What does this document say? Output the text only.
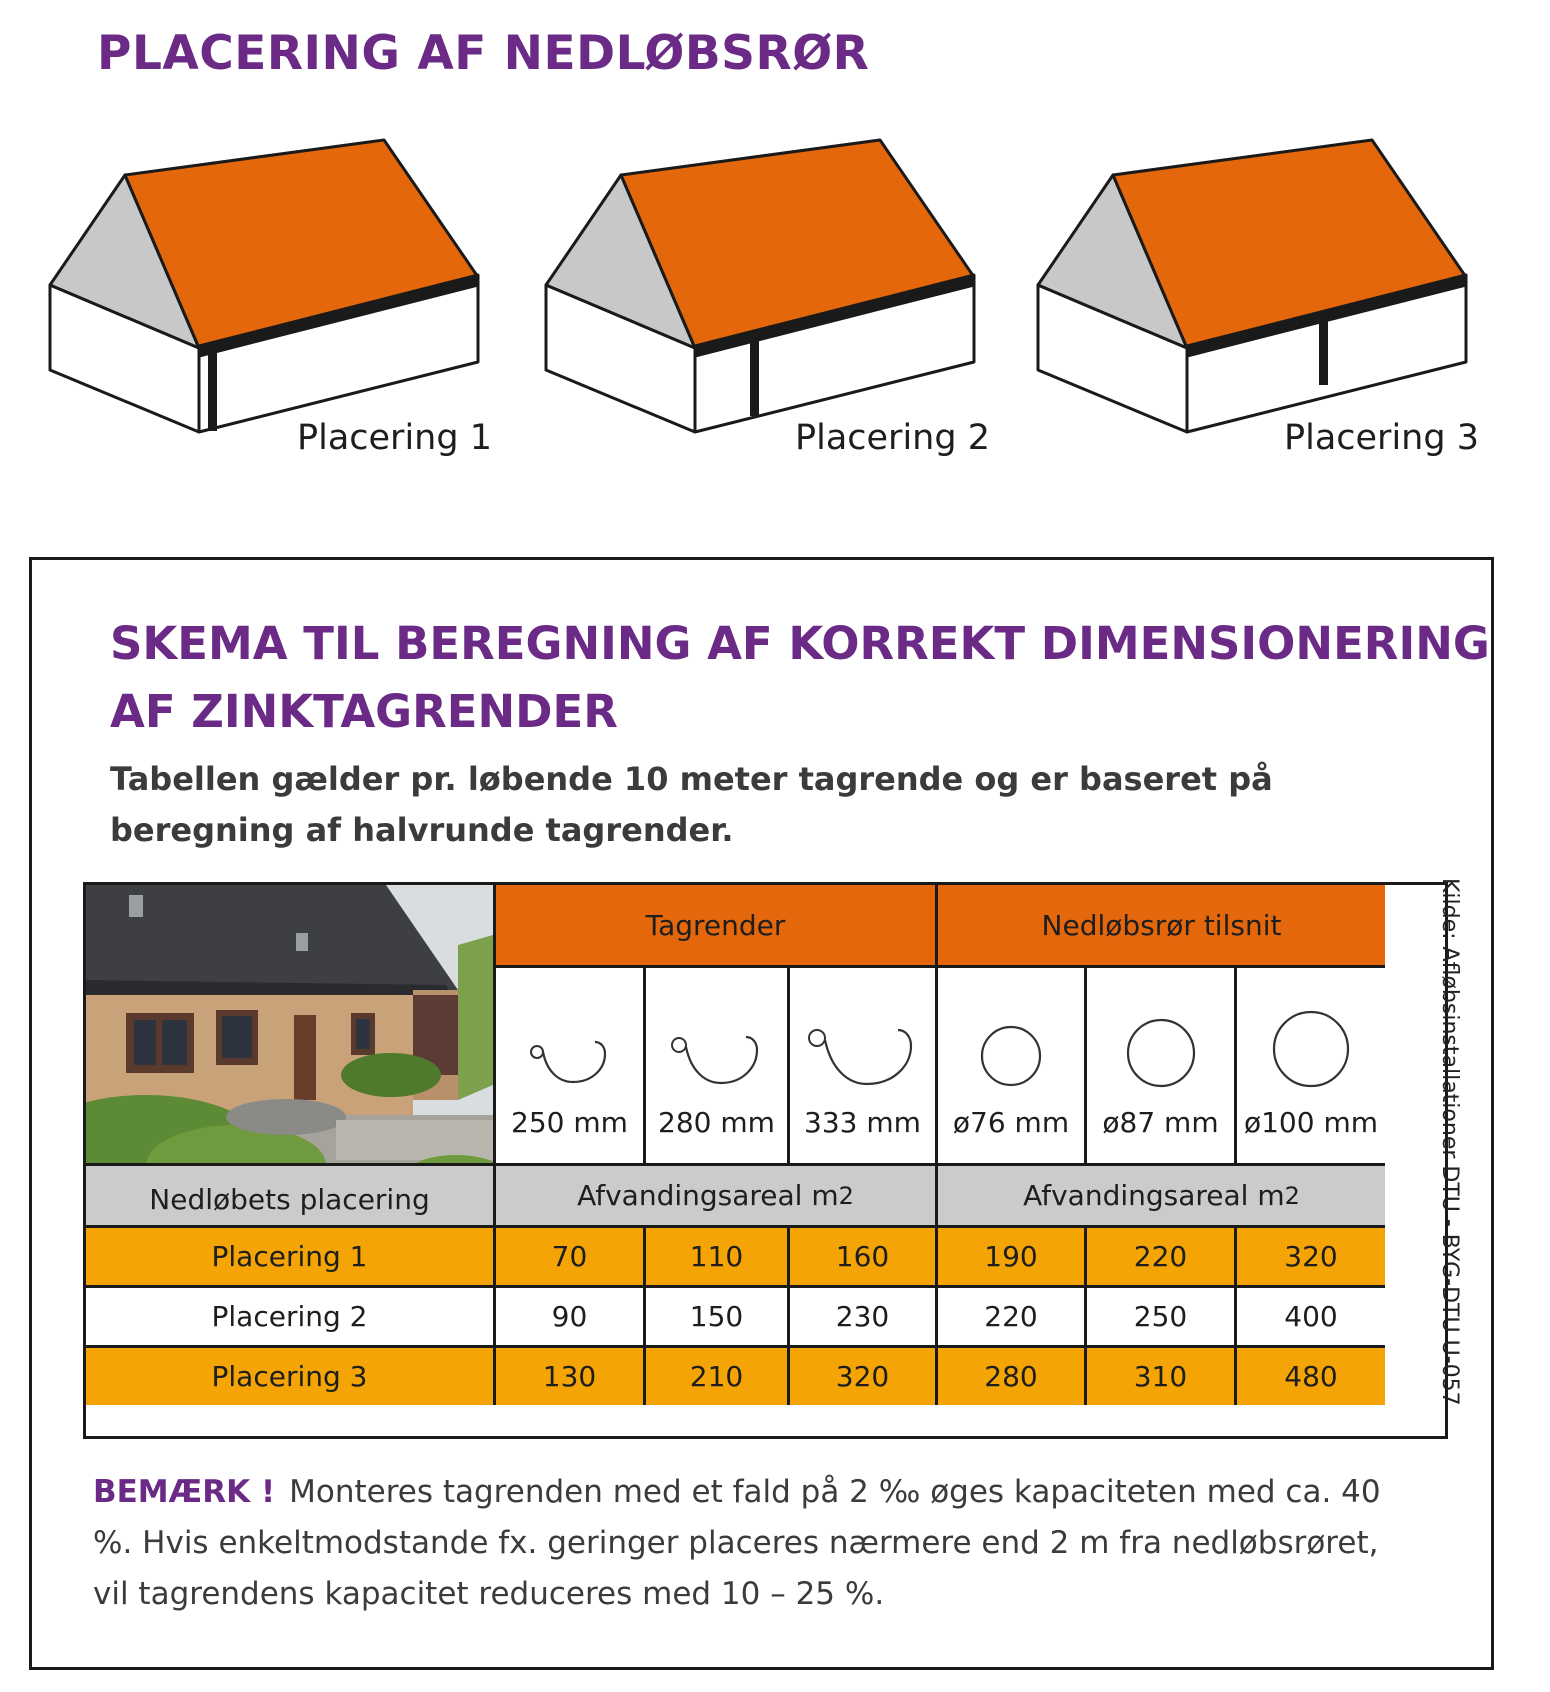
PLACERING AF NEDLØBSRØR
Placering 1	Placering 2	Placering 3
SKEMA TIL BEREGNING AF KORREKT DIMENSIONERING
AF ZINKTAGRENDER

Tabellen gælder pr. løbende 10 meter tagrende og er baseret på
beregning af halvrunde tagrender.

Tagrender	Nedløbsrør tilsnit
250 mm 280 mm 333 mm ø76 mm ø87 mm ø100 mm
Nedløbets placering	Afvandingsareal m 2	Afvandingsareal m 2
Placering 1	70	110	160	190	220	320
Placering 2	90	150	230	220	250	400
Placering 3	130	210	320	280	310	480	Kilde: Afløbsinstallationer DTU - BYG-DTU U-057

BEMÆRK ! Monteres tagrenden med et fald på 2 ‰ øges kapaciteten med ca. 40 %. Hvis enkeltmodstande fx. geringer placeres nærmere end 2 m fra nedløbsrøret, vil tagrendens kapacitet reduceres med 10 – 25 %.
